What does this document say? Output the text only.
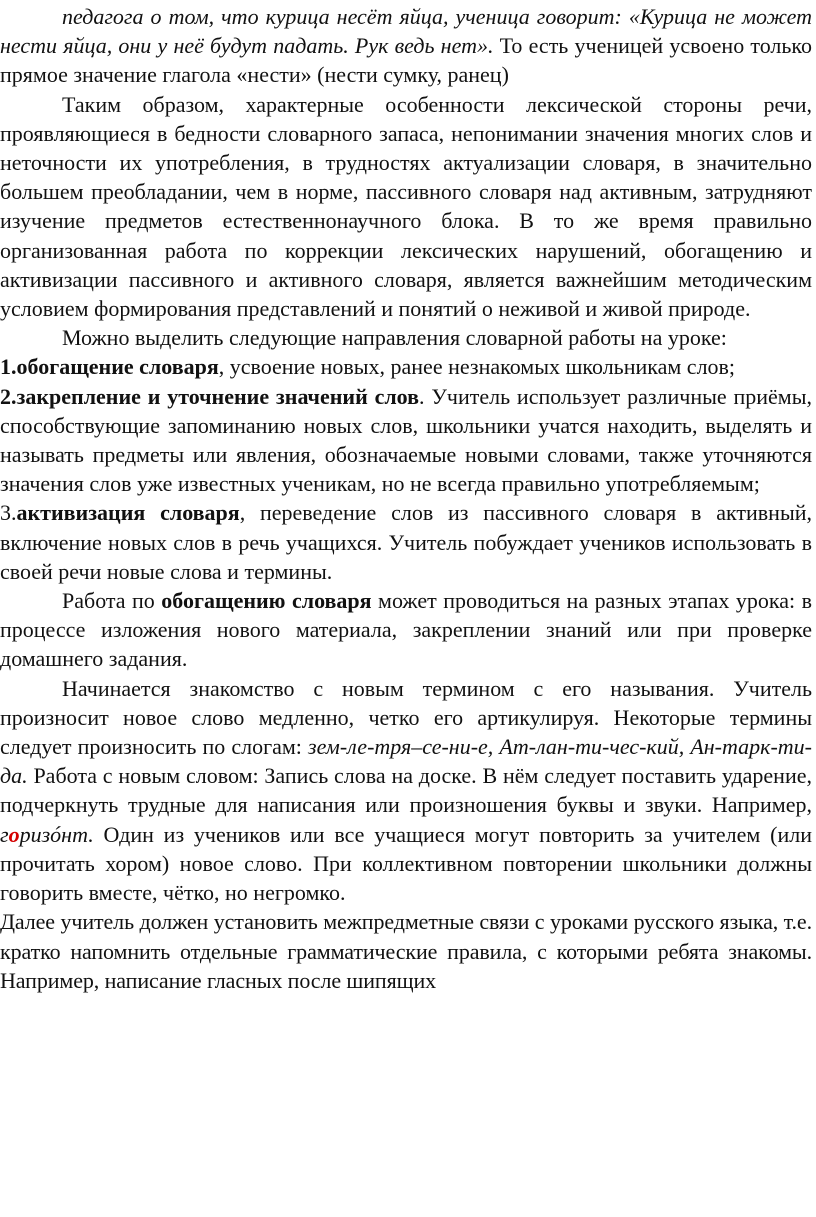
педагога о том, что курица несёт яйца, ученица говорит: «Курица не может нести яйца, они у неё будут падать. Рук ведь нет». То есть ученицей усвоено только прямое значение глагола «нести» (нести сумку, ранец)

Таким образом, характерные особенности лексической стороны речи, проявляющиеся в бедности словарного запаса, непонимании значения многих слов и неточности их употребления, в трудностях актуализации словаря, в значительно большем преобладании, чем в норме, пассивного словаря над активным, затрудняют изучение предметов естественнонаучного блока. В то же время правильно организованная работа по коррекции лексических нарушений, обогащению и активизации пассивного и активного словаря, является важнейшим методическим условием формирования представлений и понятий о неживой и живой природе.

Можно выделить следующие направления словарной работы на уроке:

1.обогащение словаря, усвоение новых, ранее незнакомых школьникам слов;

2.закрепление и уточнение значений слов. Учитель использует различные приёмы, способствующие запоминанию новых слов, школьники учатся находить, выделять и называть предметы или явления, обозначаемые новыми словами, также уточняются значения слов уже известных ученикам, но не всегда правильно употребляемым;

3.активизация словаря, переведение слов из пассивного словаря в активный, включение новых слов в речь учащихся. Учитель побуждает учеников использовать в своей речи новые слова и термины.

Работа по обогащению словаря может проводиться на разных этапах урока: в процессе изложения нового материала, закреплении знаний или при проверке домашнего задания.

Начинается знакомство с новым термином с его называния. Учитель произносит новое слово медленно, четко его артикулируя. Некоторые термины следует произносить по слогам: зем-ле-тря–се-ни-е, Ат-лан-ти-чес-кий, Ан-тарк-ти-да. Работа с новым словом: Запись слова на доске. В нём следует поставить ударение, подчеркнуть трудные для написания или произношения буквы и звуки. Например, горизóнт. Один из учеников или все учащиеся могут повторить за учителем (или прочитать хором) новое слово. При коллективном повторении школьники должны говорить вместе, чётко, но негромко.

Далее учитель должен установить межпредметные связи с уроками русского языка, т.е. кратко напомнить отдельные грамматические правила, с которыми ребята знакомы. Например, написание гласных после шипящих
